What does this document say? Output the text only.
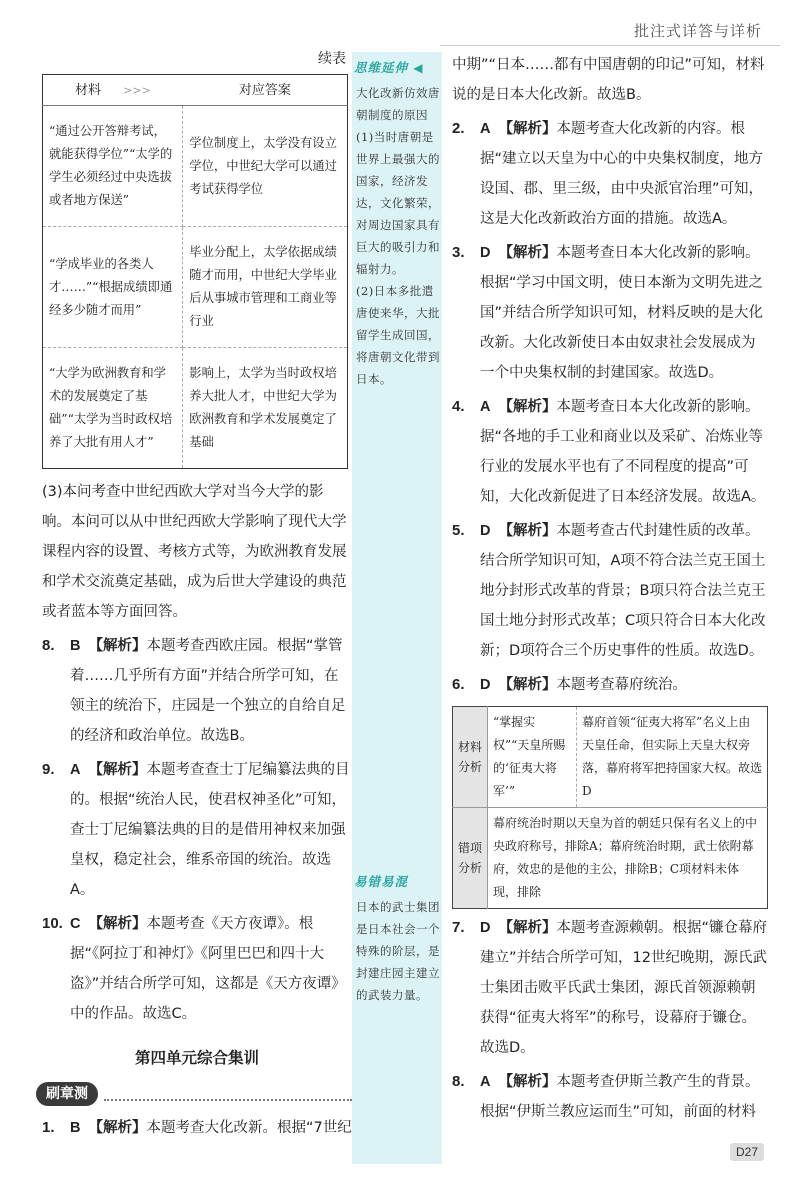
批注式详答与详析
续表
材料 >>>	对应答案
“通过公开答辩考试，就能获得学位”“太学的学生必须经过中央选拔或者地方保送”	学位制度上，太学没有设立学位，中世纪大学可以通过考试获得学位
“学成毕业的各类人才……”“根据成绩即通经多少随才而用”	毕业分配上，太学依据成绩随才而用，中世纪大学毕业后从事城市管理和工商业等行业
“大学为欧洲教育和学术的发展奠定了基础”“太学为当时政权培养了大批有用人才”	影响上，太学为当时政权培养大批人才，中世纪大学为欧洲教育和学术发展奠定了基础
(3)本问考查中世纪西欧大学对当今大学的影响。本问可以从中世纪西欧大学影响了现代大学课程内容的设置、考核方式等，为欧洲教育发展和学术交流奠定基础，成为后世大学建设的典范或者蓝本等方面回答。
8. B 【解析】本题考查西欧庄园。根据“掌管着……几乎所有方面”并结合所学可知，在领主的统治下，庄园是一个独立的自给自足的经济和政治单位。故选B。
9. A 【解析】本题考查查士丁尼编纂法典的目的。根据“统治人民，使君权神圣化”可知，查士丁尼编纂法典的目的是借用神权来加强皇权，稳定社会，维系帝国的统治。故选A。
10. C 【解析】本题考查《天方夜谭》。根据“《阿拉丁和神灯》《阿里巴巴和四十大盗》”并结合所学可知，这都是《天方夜谭》中的作品。故选C。
第四单元综合集训
刷章测
1. B 【解析】本题考查大化改新。根据“7世纪
思维延伸 ◀
大化改新仿效唐朝制度的原因
(1)当时唐朝是世界上最强大的国家，经济发达，文化繁荣，对周边国家具有巨大的吸引力和辐射力。
(2)日本多批遣唐使来华，大批留学生成回国，将唐朝文化带到日本。
易错易混
日本的武士集团是日本社会一个特殊的阶层，是封建庄园主建立的武装力量。
中期”“日本……都有中国唐朝的印记”可知，材料说的是日本大化改新。故选B。
2. A 【解析】本题考查大化改新的内容。根据“建立以天皇为中心的中央集权制度，地方设国、郡、里三级，由中央派官治理”可知，这是大化改新政治方面的措施。故选A。
3. D 【解析】本题考查日本大化改新的影响。根据“学习中国文明，使日本渐为文明先进之国”并结合所学知识可知，材料反映的是大化改新。大化改新使日本由奴隶社会发展成为一个中央集权制的封建国家。故选D。
4. A 【解析】本题考查日本大化改新的影响。据“各地的手工业和商业以及采矿、冶炼业等行业的发展水平也有了不同程度的提高”可知，大化改新促进了日本经济发展。故选A。
5. D 【解析】本题考查古代封建性质的改革。结合所学知识可知，A项不符合法兰克王国土地分封形式改革的背景；B项只符合法兰克王国土地分封形式改革；C项只符合日本大化改新；D项符合三个历史事件的性质。故选D。
6. D 【解析】本题考查幕府统治。
材料分析	“掌握实权”“天皇所赐的‘征夷大将军’”	幕府首领“征夷大将军”名义上由天皇任命，但实际上天皇大权旁落，幕府将军把持国家大权。故选D
错项分析	幕府统治时期以天皇为首的朝廷只保有名义上的中央政府称号，排除A；幕府统治时期，武士依附幕府，效忠的是他的主公，排除B；C项材料未体现，排除	
7. D 【解析】本题考查源赖朝。根据“镰仓幕府建立”并结合所学可知，12世纪晚期，源氏武士集团击败平氏武士集团，源氏首领源赖朝获得“征夷大将军”的称号，设幕府于镰仓。故选D。
8. A 【解析】本题考查伊斯兰教产生的背景。根据“伊斯兰教应运而生”可知，前面的材料
D27
